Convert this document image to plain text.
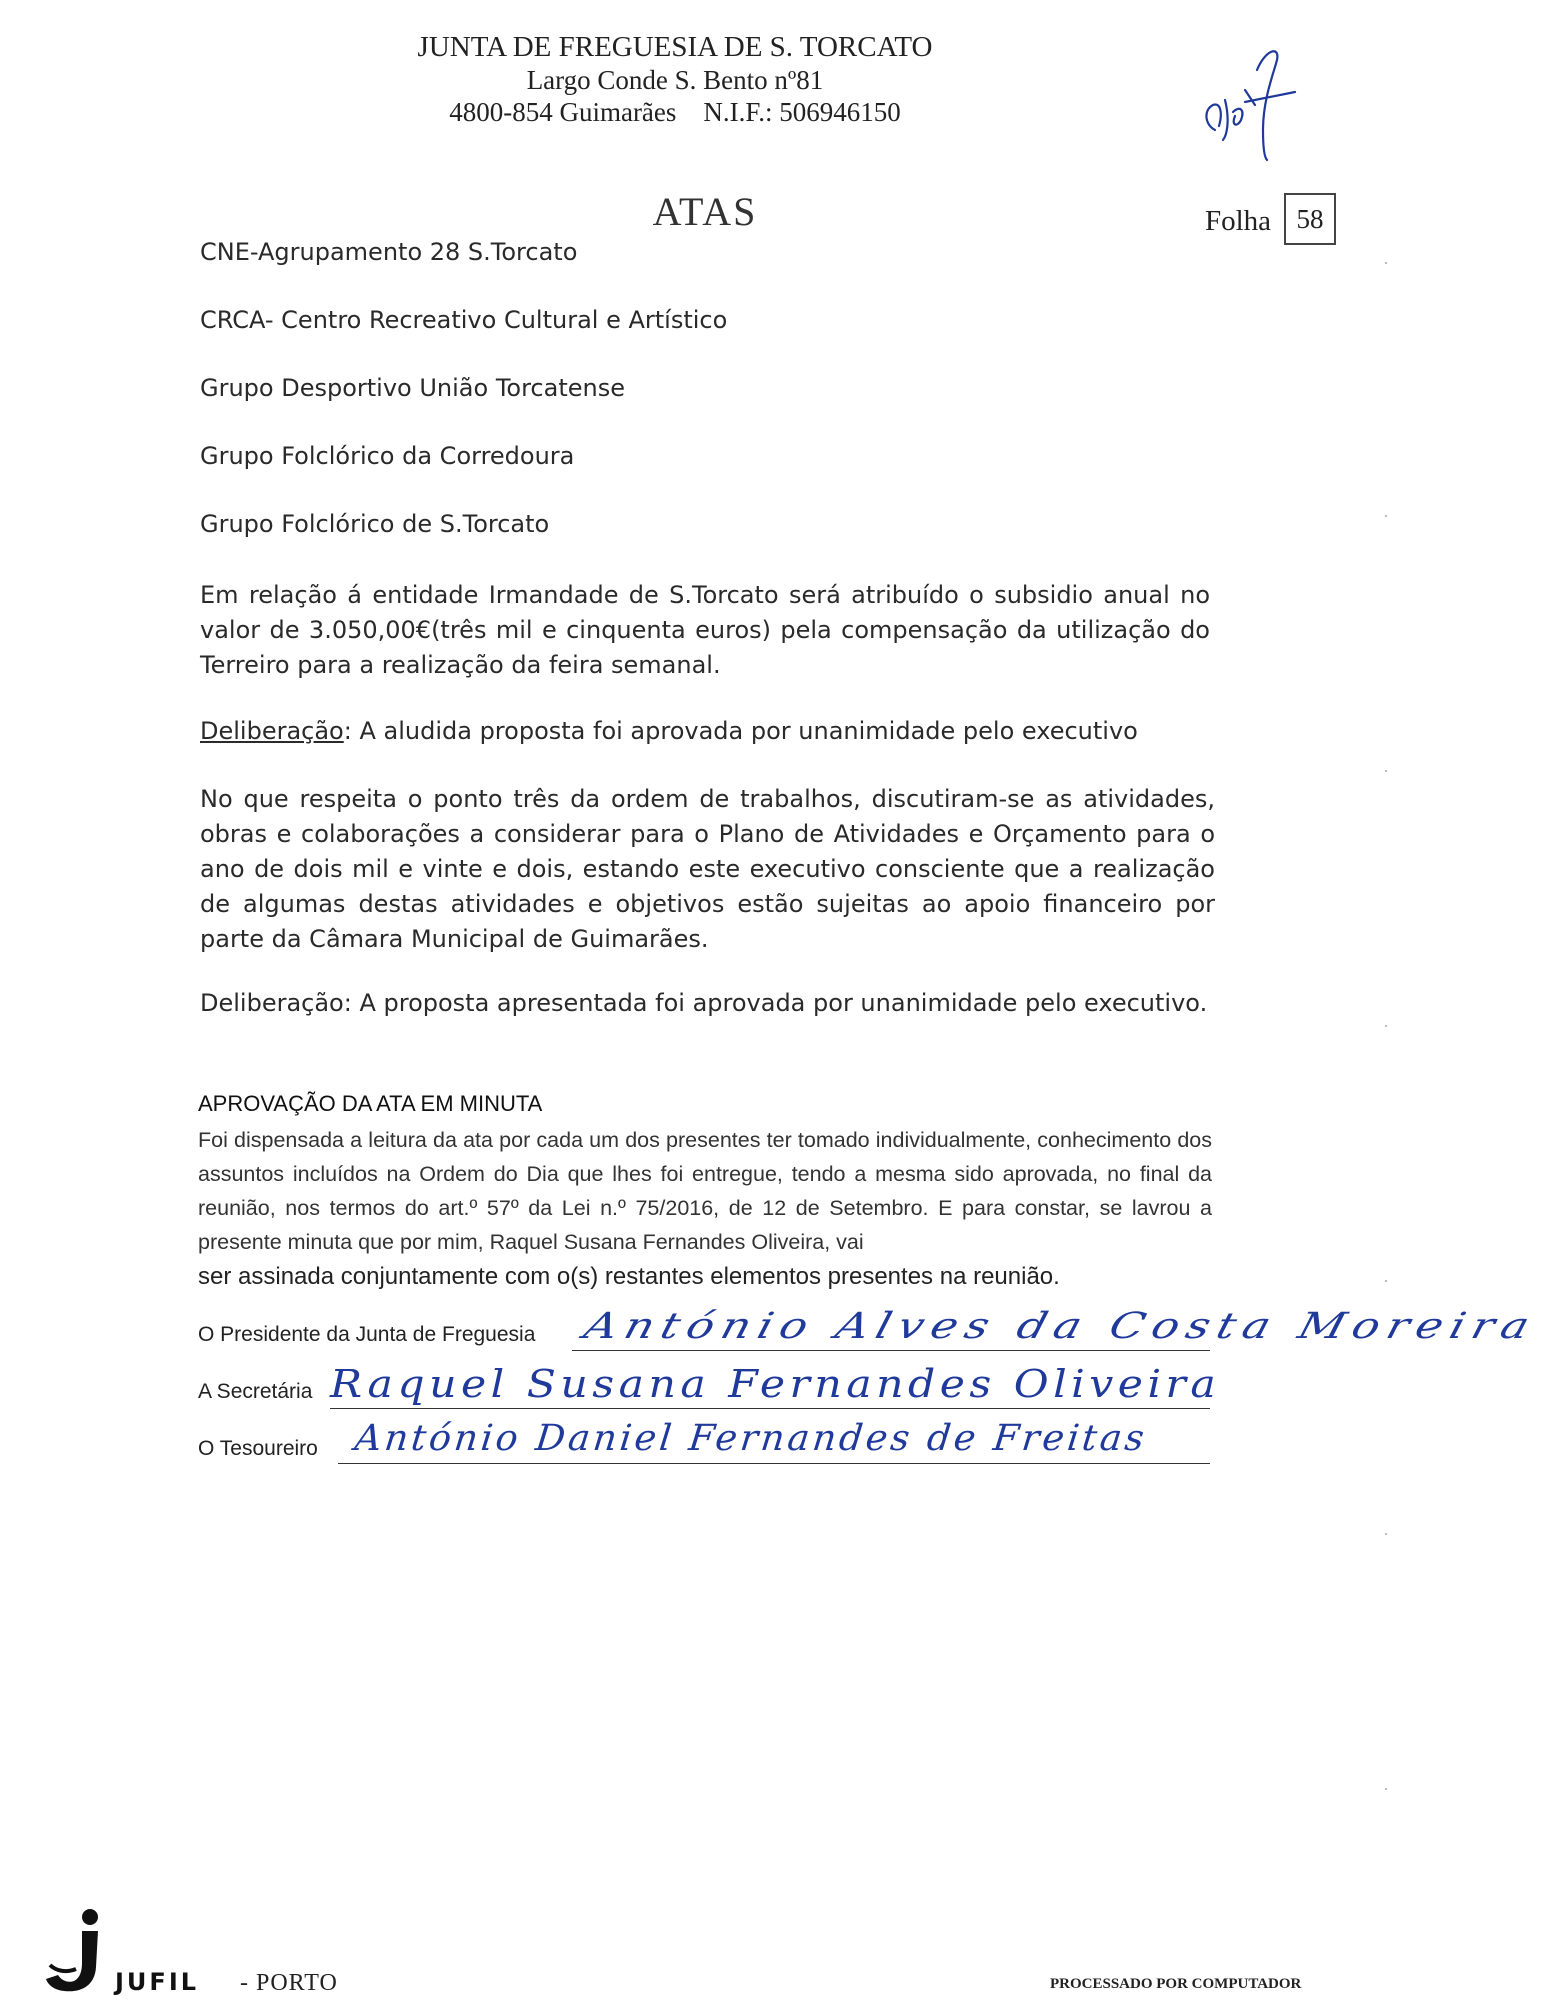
JUNTA DE FREGUESIA DE S. TORCATO
Largo Conde S. Bento nº81
4800-854 Guimarães    N.I.F.: 506946150
ATAS	Folha 58
CNE-Agrupamento 28 S.Torcato
CRCA- Centro Recreativo Cultural e Artístico
Grupo Desportivo União Torcatense
Grupo Folclórico da Corredoura
Grupo Folclórico de S.Torcato
Em relação á entidade Irmandade de S.Torcato será atribuído o subsidio anual no valor de 3.050,00€(três mil e cinquenta euros) pela compensação da utilização do Terreiro para a realização da feira semanal.
Deliberação: A aludida proposta foi aprovada por unanimidade pelo executivo
No que respeita o ponto três da ordem de trabalhos, discutiram-se as atividades, obras e colaborações a considerar para o Plano de Atividades e Orçamento para o ano de dois mil e vinte e dois, estando este executivo consciente que a realização de algumas destas atividades e objetivos estão sujeitas ao apoio financeiro por parte da Câmara Municipal de Guimarães.
Deliberação: A proposta apresentada foi aprovada por unanimidade pelo executivo.
APROVAÇÃO DA ATA EM MINUTA
Foi dispensada a leitura da ata por cada um dos presentes ter tomado individualmente, conhecimento dos assuntos incluídos na Ordem do Dia que lhes foi entregue, tendo a mesma sido aprovada, no final da reunião, nos termos do art.º 57º da Lei n.º 75/2016, de 12 de Setembro. E para constar, se lavrou a presente minuta que por mim, Raquel Susana Fernandes Oliveira, vai
ser assinada conjuntamente com o(s) restantes elementos presentes na reunião.
O Presidente da Junta de Freguesia António Alves da Costa Moreira
A Secretária Raquel Susana Fernandes Oliveira
O Tesoureiro António Daniel Fernandes de Freitas
JUFIL - PORTO	PROCESSADO POR COMPUTADOR
